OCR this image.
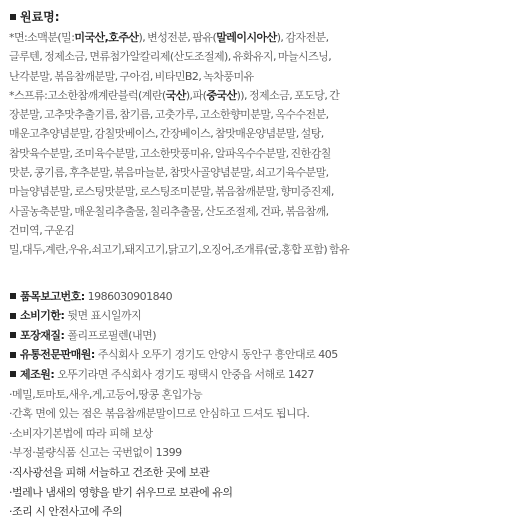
원료명:
*면:소맥분(밀:미국산,호주산), 변성전분, 팜유(말레이시아산), 감자전분,
글루텐, 정제소금, 면류첨가알칼리제(산도조절제), 유화유지, 마늘시즈닝,
난각분말, 볶음참깨분말, 구아검, 비타민B2, 녹차풍미유
*스프류:고소한참깨계란블럭(계란(국산),파(중국산)), 정제소금, 포도당, 간
장분말, 고추맛추출기름, 참기름, 고춧가루, 고소한향미분말, 옥수수전분,
매운고추양념분말, 감칠맛베이스, 간장베이스, 참맛매운양념분말, 설탕,
참맛육수분말, 조미육수분말, 고소한맛풍미유, 알파옥수수분말, 진한감칠
맛분, 콩기름, 후추분말, 볶음마늘분, 참맛사골양념분말, 쇠고기육수분말,
마늘양념분말, 로스팅맛분말, 로스팅조미분말, 볶음참깨분말, 향미증진제,
사골농축분말, 매운칠리추출물, 칠리추출물, 산도조절제, 건파, 볶음참깨,
건미역, 구운김
밀,대두,계란,우유,쇠고기,돼지고기,닭고기,오징어,조개류(굴,홍합 포함) 함유
품목보고번호: 1986030901840
소비기한: 뒷면 표시일까지
포장재질: 폴리프로필렌(내면)
유통전문판매원: 주식회사 오뚜기 경기도 안양시 동안구 흥안대로 405
제조원: 오뚜기라면 주식회사 경기도 평택시 안중읍 서해로 1427
·메밀,토마토,새우,게,고등어,땅콩 혼입가능
·간혹 면에 있는 점은 볶음참깨분말이므로 안심하고 드셔도 됩니다.
·소비자기본법에 따라 피해 보상
·부정·불량식품 신고는 국번없이 1399
·직사광선을 피해 서늘하고 건조한 곳에 보관
·벌레나 냄새의 영향을 받기 쉬우므로 보관에 유의
·조리 시 안전사고에 주의
